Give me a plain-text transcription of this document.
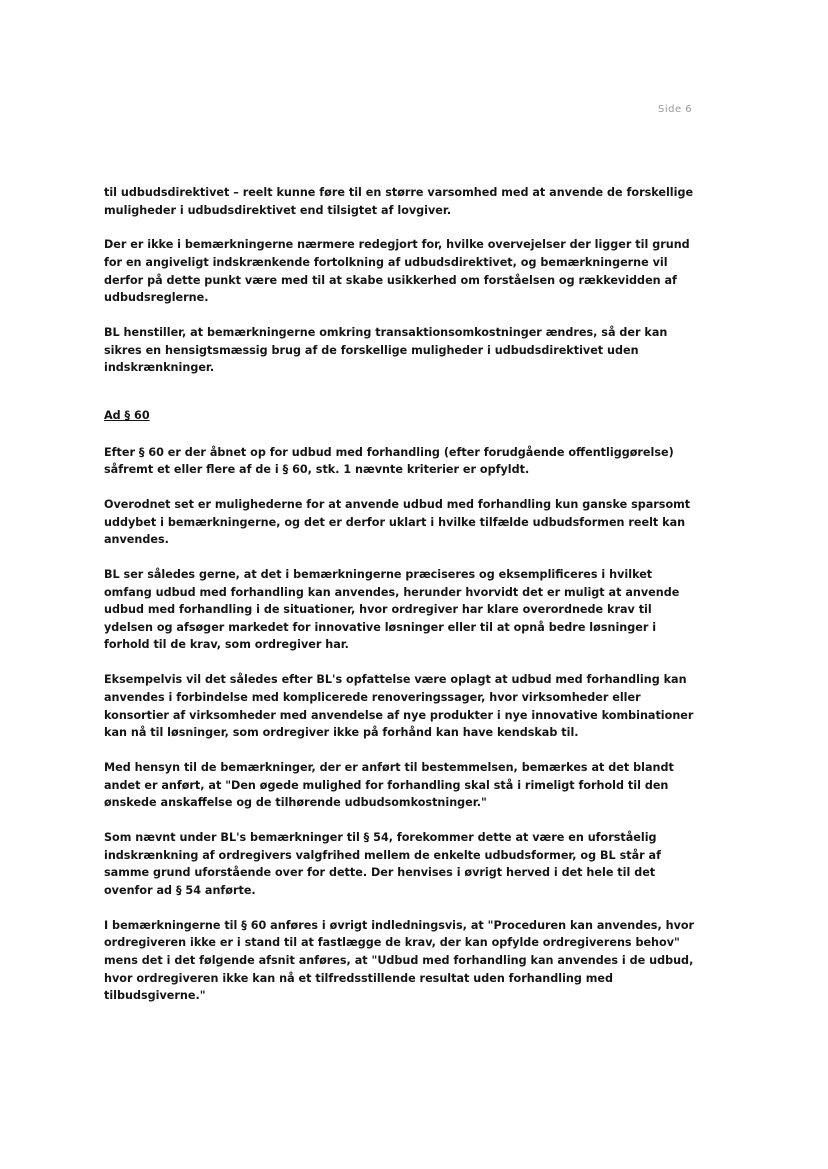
Side 6

til udbudsdirektivet – reelt kunne føre til en større varsomhed med at anvende de forskellige muligheder i udbudsdirektivet end tilsigtet af lovgiver.

Der er ikke i bemærkningerne nærmere redegjort for, hvilke overvejelser der ligger til grund for en angiveligt indskrænkende fortolkning af udbudsdirektivet, og bemærkningerne vil derfor på dette punkt være med til at skabe usikkerhed om forståelsen og rækkevidden af udbudsreglerne.

BL henstiller, at bemærkningerne omkring transaktionsomkostninger ændres, så der kan sikres en hensigtsmæssig brug af de forskellige muligheder i udbudsdirektivet uden indskrænkninger.

Ad § 60

Efter § 60 er der åbnet op for udbud med forhandling (efter forudgående offentliggørelse) såfremt et eller flere af de i § 60, stk. 1 nævnte kriterier er opfyldt.

Overodnet set er mulighederne for at anvende udbud med forhandling kun ganske sparsomt uddybet i bemærkningerne, og det er derfor uklart i hvilke tilfælde udbudsformen reelt kan anvendes.

BL ser således gerne, at det i bemærkningerne præciseres og eksemplificeres i hvilket omfang udbud med forhandling kan anvendes, herunder hvorvidt det er muligt at anvende udbud med forhandling i de situationer, hvor ordregiver har klare overordnede krav til ydelsen og afsøger markedet for innovative løsninger eller til at opnå bedre løsninger i forhold til de krav, som ordregiver har.

Eksempelvis vil det således efter BL's opfattelse være oplagt at udbud med forhandling kan anvendes i forbindelse med komplicerede renoveringssager, hvor virksomheder eller konsortier af virksomheder med anvendelse af nye produkter i nye innovative kombinationer kan nå til løsninger, som ordregiver ikke på forhånd kan have kendskab til.

Med hensyn til de bemærkninger, der er anført til bestemmelsen, bemærkes at det blandt andet er anført, at "Den øgede mulighed for forhandling skal stå i rimeligt forhold til den ønskede anskaffelse og de tilhørende udbudsomkostninger."

Som nævnt under BL's bemærkninger til § 54, forekommer dette at være en uforståelig indskrænkning af ordregivers valgfrihed mellem de enkelte udbudsformer, og BL står af samme grund uforstående over for dette. Der henvises i øvrigt herved i det hele til det ovenfor ad § 54 anførte.

I bemærkningerne til § 60 anføres i øvrigt indledningsvis, at "Proceduren kan anvendes, hvor ordregiveren ikke er i stand til at fastlægge de krav, der kan opfylde ordregiverens behov" mens det i det følgende afsnit anføres, at "Udbud med forhandling kan anvendes i de udbud, hvor ordregiveren ikke kan nå et tilfredsstillende resultat uden forhandling med tilbudsgiverne."
